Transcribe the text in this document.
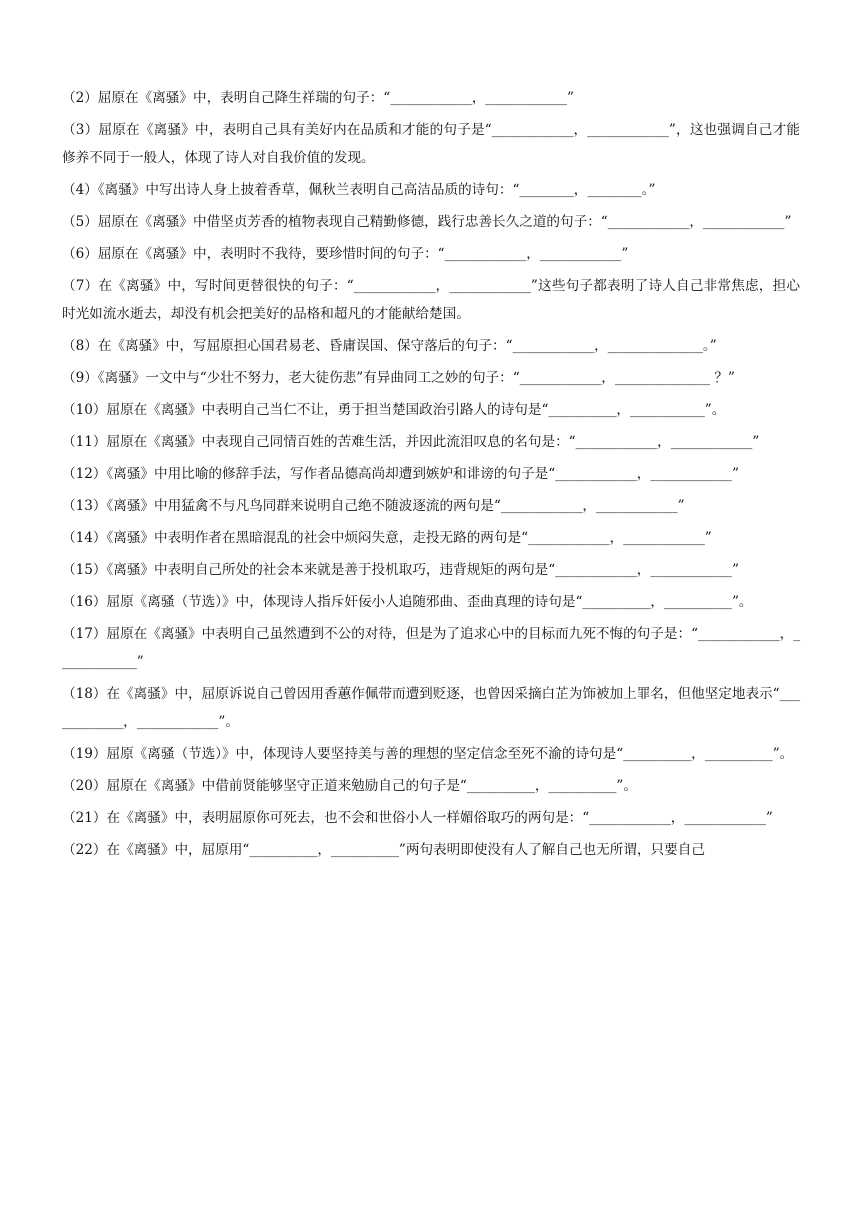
（2）屈原在《离骚》中，表明自己降生祥瑞的句子：“____________，____________”

（3）屈原在《离骚》中，表明自己具有美好内在品质和才能的句子是“____________，____________”，这也强调自己才能修养不同于一般人，体现了诗人对自我价值的发现。

（4）《离骚》中写出诗人身上披着香草，佩秋兰表明自己高洁品质的诗句：“________，________。”

（5）屈原在《离骚》中借坚贞芳香的植物表现自己精勤修德，践行忠善长久之道的句子：“____________，____________”

（6）屈原在《离骚》中，表明时不我待，要珍惜时间的句子：“____________，____________”

（7）在《离骚》中，写时间更替很快的句子：“____________，____________”这些句子都表明了诗人自己非常焦虑，担心时光如流水逝去，却没有机会把美好的品格和超凡的才能献给楚国。

（8）在《离骚》中，写屈原担心国君易老、昏庸误国、保守落后的句子：“____________，______________。”

（9）《离骚》一文中与“少壮不努力，老大徒伤悲”有异曲同工之妙的句子：“____________，______________ ？”

（10）屈原在《离骚》中表明自己当仁不让，勇于担当楚国政治引路人的诗句是“__________，___________”。

（11）屈原在《离骚》中表现自己同情百姓的苦难生活，并因此流泪叹息的名句是：“____________，____________”

（12）《离骚》中用比喻的修辞手法，写作者品德高尚却遭到嫉妒和诽谤的句子是“____________，____________”

（13）《离骚》中用猛禽不与凡鸟同群来说明自己绝不随波逐流的两句是“____________，____________”

（14）《离骚》中表明作者在黑暗混乱的社会中烦闷失意，走投无路的两句是“____________，____________”

（15）《离骚》中表明自己所处的社会本来就是善于投机取巧，违背规矩的两句是“____________，____________”

（16）屈原《离骚（节选）》中，体现诗人指斥奸佞小人追随邪曲、歪曲真理的诗句是“__________，__________”。

（17）屈原在《离骚》中表明自己虽然遭到不公的对待，但是为了追求心中的目标而九死不悔的句子是：“____________，____________”

（18）在《离骚》中，屈原诉说自己曾因用香蕙作佩带而遭到贬逐，也曾因采摘白芷为饰被加上罪名，但他坚定地表示“____________，____________”。

（19）屈原《离骚（节选）》中，体现诗人要坚持美与善的理想的坚定信念至死不渝的诗句是“__________，__________”。

（20）屈原在《离骚》中借前贤能够坚守正道来勉励自己的句子是“__________，__________”。

（21）在《离骚》中，表明屈原你可死去，也不会和世俗小人一样媚俗取巧的两句是：“____________，____________”

（22）在《离骚》中，屈原用“__________，__________”两句表明即使没有人了解自己也无所谓，只要自己
